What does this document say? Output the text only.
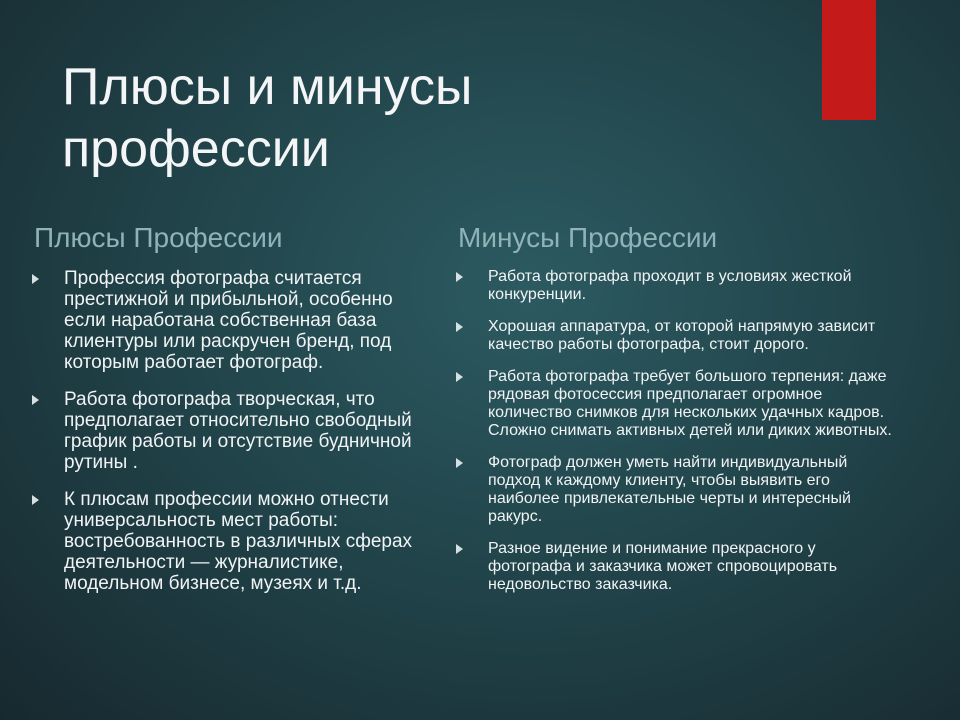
Плюсы и минусы профессии
Плюсы Профессии	Минусы Профессии
Профессия фотографа считается престижной и прибыльной, особенно если наработана собственная база клиентуры или раскручен бренд, под которым работает фотограф.
Работа фотографа творческая, что предполагает относительно свободный график работы и отсутствие будничной рутины .
К плюсам профессии можно отнести универсальность мест работы: востребованность в различных сферах деятельности — журналистике, модельном бизнесе, музеях и т.д.
Работа фотографа проходит в условиях жесткой конкуренции.
Хорошая аппаратура, от которой напрямую зависит качество работы фотографа, стоит дорого.
Работа фотографа требует большого терпения: даже рядовая фотосессия предполагает огромное количество снимков для нескольких удачных кадров. Сложно снимать активных детей или диких животных.
Фотограф должен уметь найти индивидуальный подход к каждому клиенту, чтобы выявить его наиболее привлекательные черты и интересный ракурс.
Разное видение и понимание прекрасного у фотографа и заказчика может спровоцировать недовольство заказчика.
